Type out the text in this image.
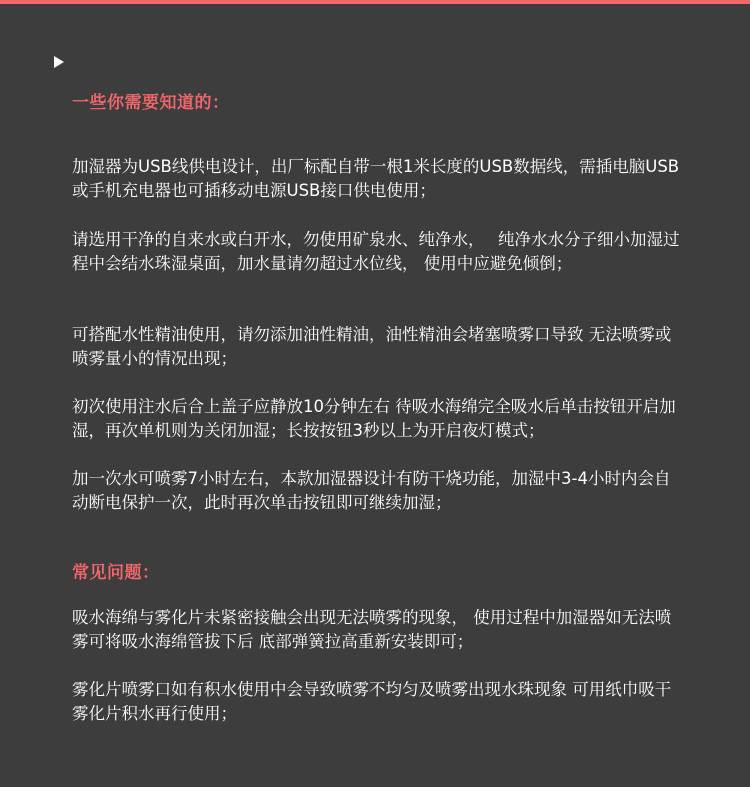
一些你需要知道的：

加湿器为USB线供电设计，出厂标配自带一根1米长度的USB数据线，需插电脑USB或手机充电器也可插移动电源USB接口供电使用；

请选用干净的自来水或白开水，勿使用矿泉水、纯净水，　 纯净水水分子细小加湿过程中会结水珠湿桌面，加水量请勿超过水位线， 使用中应避免倾倒；

可搭配水性精油使用，请勿添加油性精油，油性精油会堵塞喷雾口导致 无法喷雾或喷雾量小的情况出现；

初次使用注水后合上盖子应静放10分钟左右 待吸水海绵完全吸水后单击按钮开启加湿，再次单机则为关闭加湿；长按按钮3秒以上为开启夜灯模式；

加一次水可喷雾7小时左右，本款加湿器设计有防干烧功能，加湿中3-4小时内会自动断电保护一次，此时再次单击按钮即可继续加湿；

常见问题：

吸水海绵与雾化片未紧密接触会出现无法喷雾的现象， 使用过程中加湿器如无法喷雾可将吸水海绵管拔下后 底部弹簧拉高重新安装即可；

雾化片喷雾口如有积水使用中会导致喷雾不均匀及喷雾出现水珠现象 可用纸巾吸干雾化片积水再行使用；
